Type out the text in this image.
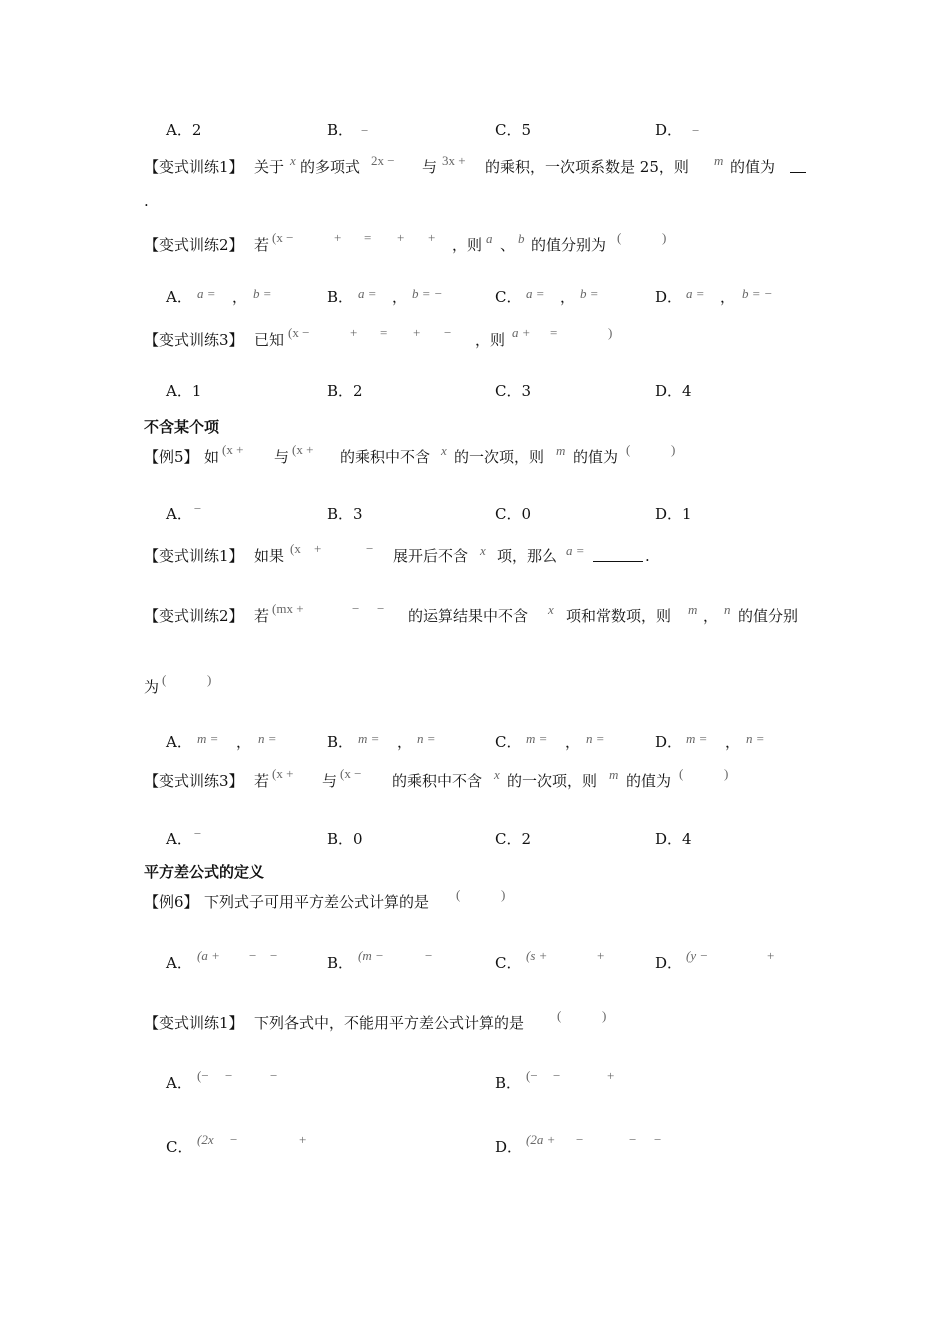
A．2	B． −	C．5	D． −
【变式训练1】 关于 x 的多项式 2x − 与 3x + 的乘积，一次项系数是 25，则 m 的值为
.
【变式训练2】 若 (x −	+ = + + ，则 a 、 b 的值分别为 (	)
A． a = ， b =	B． a = ， b = −	C． a = ， b =	D． a = ， b = −
【变式训练3】 已知 (x −	+ = + − ，则 a + =	)
A．1	B．2	C．3	D．4
不含某个项
【例5】 如 (x + 与 (x + 的乘积中不含 x 的一次项，则 m 的值为 (	)
A． −	B．3	C．0	D．1
【变式训练1】 如果 (x +	− 展开后不含 x 项，那么 a =	.
【变式训练2】 若 (mx +	− − 的运算结果中不含 x 项和常数项，则 m ， n 的值分别
为 (	)
A． m = ， n =	B． m = ， n =	C． m = ， n =	D． m = ， n =
【变式训练3】 若 (x + 与 (x − 的乘积中不含 x 的一次项，则 m 的值为 (	)
A． −	B．0	C．2	D．4
平方差公式的定义
【例6】 下列式子可用平方差公式计算的是 (	)
A． (a + − −	B． (m −	−	C． (s +	+	D． (y −	+
【变式训练1】 下列各式中，不能用平方差公式计算的是	(	)
A． (− −	−	B． (− −	+
C． (2x −	+	D． (2a + −	− −
